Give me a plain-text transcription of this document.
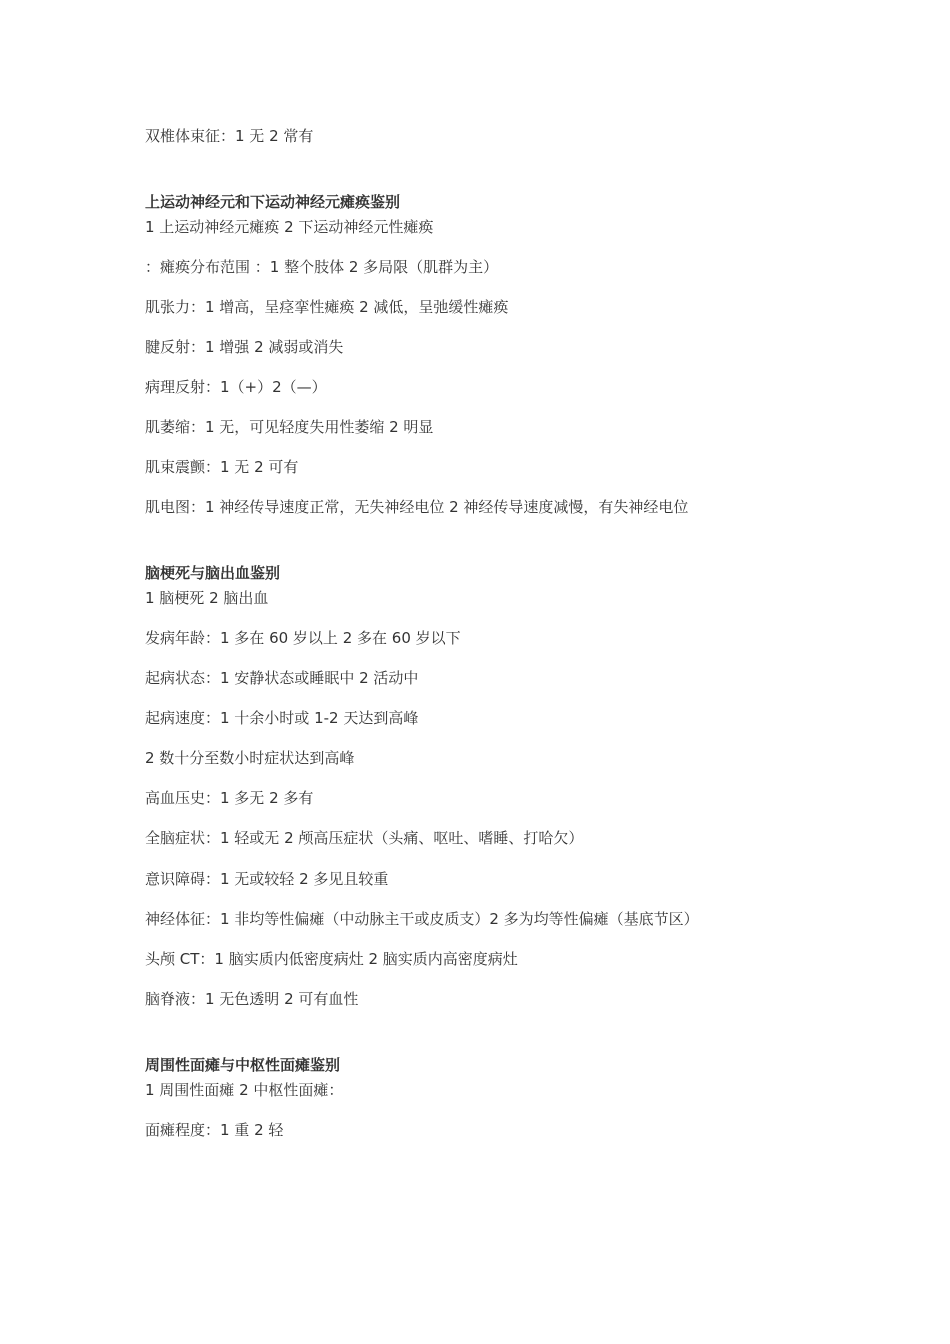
双椎体束征：1 无 2 常有

上运动神经元和下运动神经元瘫痪鉴别

1 上运动神经元瘫痪 2 下运动神经元性瘫痪

：瘫痪分布范围 ：1 整个肢体 2 多局限（肌群为主）

肌张力：1 增高，呈痉挛性瘫痪 2 减低，呈弛缓性瘫痪

腱反射：1 增强 2 减弱或消失

病理反射：1（+）2（—）

肌萎缩：1 无，可见轻度失用性萎缩 2 明显

肌束震颤：1 无 2 可有

肌电图：1 神经传导速度正常，无失神经电位 2 神经传导速度减慢，有失神经电位

脑梗死与脑出血鉴别

1 脑梗死 2 脑出血

发病年龄：1 多在 60 岁以上 2 多在 60 岁以下

起病状态：1 安静状态或睡眠中 2 活动中

起病速度：1 十余小时或 1-2 天达到高峰

2 数十分至数小时症状达到高峰

高血压史：1 多无 2 多有

全脑症状：1 轻或无 2 颅高压症状（头痛、呕吐、嗜睡、打哈欠）

意识障碍：1 无或较轻 2 多见且较重

神经体征：1 非均等性偏瘫（中动脉主干或皮质支）2 多为均等性偏瘫（基底节区）

头颅 CT：1 脑实质内低密度病灶 2 脑实质内高密度病灶

脑脊液：1 无色透明 2 可有血性

周围性面瘫与中枢性面瘫鉴别

1 周围性面瘫 2 中枢性面瘫：

面瘫程度：1 重 2 轻
